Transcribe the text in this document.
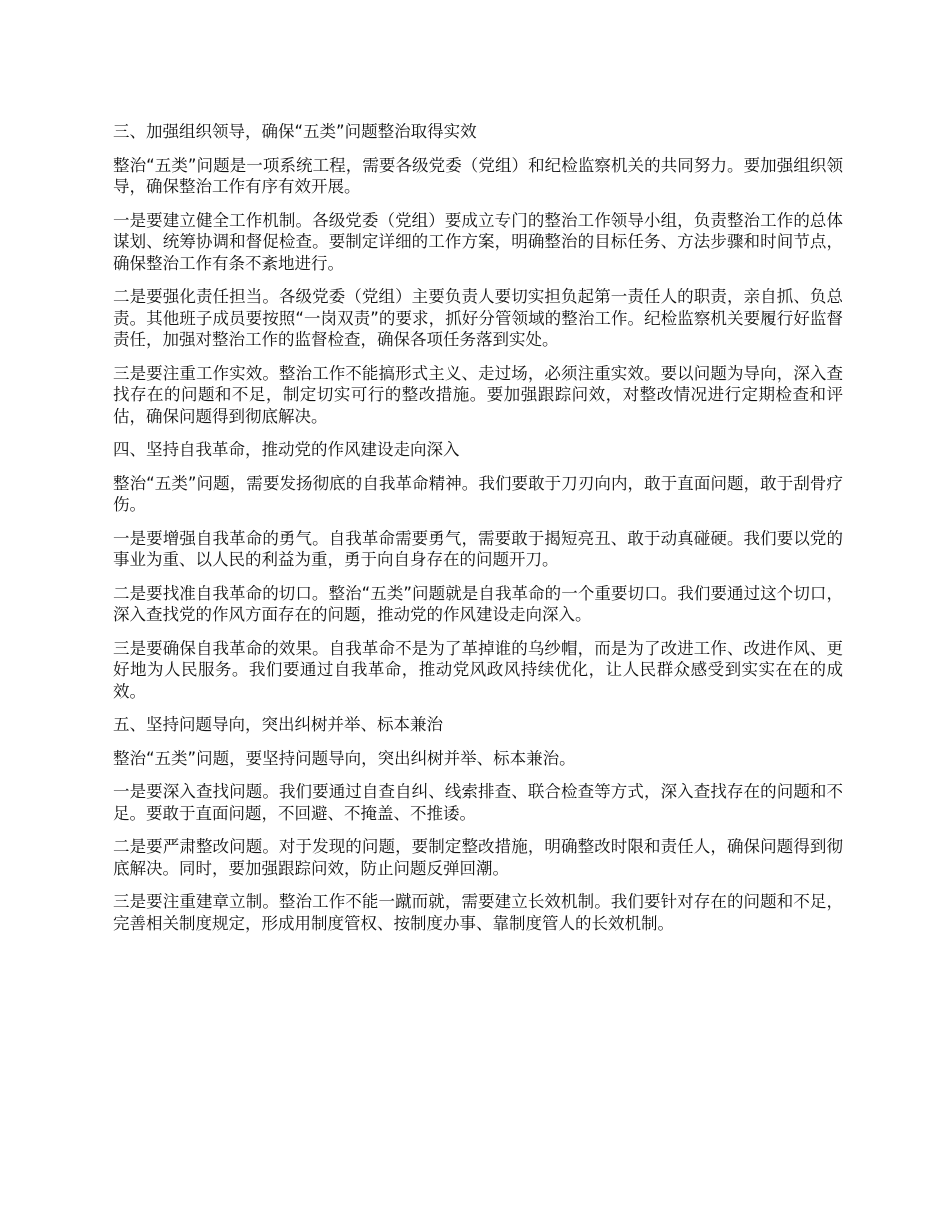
三、加强组织领导，确保“五类”问题整治取得实效

整治“五类”问题是一项系统工程，需要各级党委（党组）和纪检监察机关的共同努力。要加强组织领导，确保整治工作有序有效开展。

一是要建立健全工作机制。各级党委（党组）要成立专门的整治工作领导小组，负责整治工作的总体谋划、统筹协调和督促检查。要制定详细的工作方案，明确整治的目标任务、方法步骤和时间节点，确保整治工作有条不紊地进行。

二是要强化责任担当。各级党委（党组）主要负责人要切实担负起第一责任人的职责，亲自抓、负总责。其他班子成员要按照“一岗双责”的要求，抓好分管领域的整治工作。纪检监察机关要履行好监督责任，加强对整治工作的监督检查，确保各项任务落到实处。

三是要注重工作实效。整治工作不能搞形式主义、走过场，必须注重实效。要以问题为导向，深入查找存在的问题和不足，制定切实可行的整改措施。要加强跟踪问效，对整改情况进行定期检查和评估，确保问题得到彻底解决。

四、坚持自我革命，推动党的作风建设走向深入

整治“五类”问题，需要发扬彻底的自我革命精神。我们要敢于刀刃向内，敢于直面问题，敢于刮骨疗伤。

一是要增强自我革命的勇气。自我革命需要勇气，需要敢于揭短亮丑、敢于动真碰硬。我们要以党的事业为重、以人民的利益为重，勇于向自身存在的问题开刀。

二是要找准自我革命的切口。整治“五类”问题就是自我革命的一个重要切口。我们要通过这个切口，深入查找党的作风方面存在的问题，推动党的作风建设走向深入。

三是要确保自我革命的效果。自我革命不是为了革掉谁的乌纱帽，而是为了改进工作、改进作风、更好地为人民服务。我们要通过自我革命，推动党风政风持续优化，让人民群众感受到实实在在的成效。

五、坚持问题导向，突出纠树并举、标本兼治

整治“五类”问题，要坚持问题导向，突出纠树并举、标本兼治。

一是要深入查找问题。我们要通过自查自纠、线索排查、联合检查等方式，深入查找存在的问题和不足。要敢于直面问题，不回避、不掩盖、不推诿。

二是要严肃整改问题。对于发现的问题，要制定整改措施，明确整改时限和责任人，确保问题得到彻底解决。同时，要加强跟踪问效，防止问题反弹回潮。

三是要注重建章立制。整治工作不能一蹴而就，需要建立长效机制。我们要针对存在的问题和不足，完善相关制度规定，形成用制度管权、按制度办事、靠制度管人的长效机制。
